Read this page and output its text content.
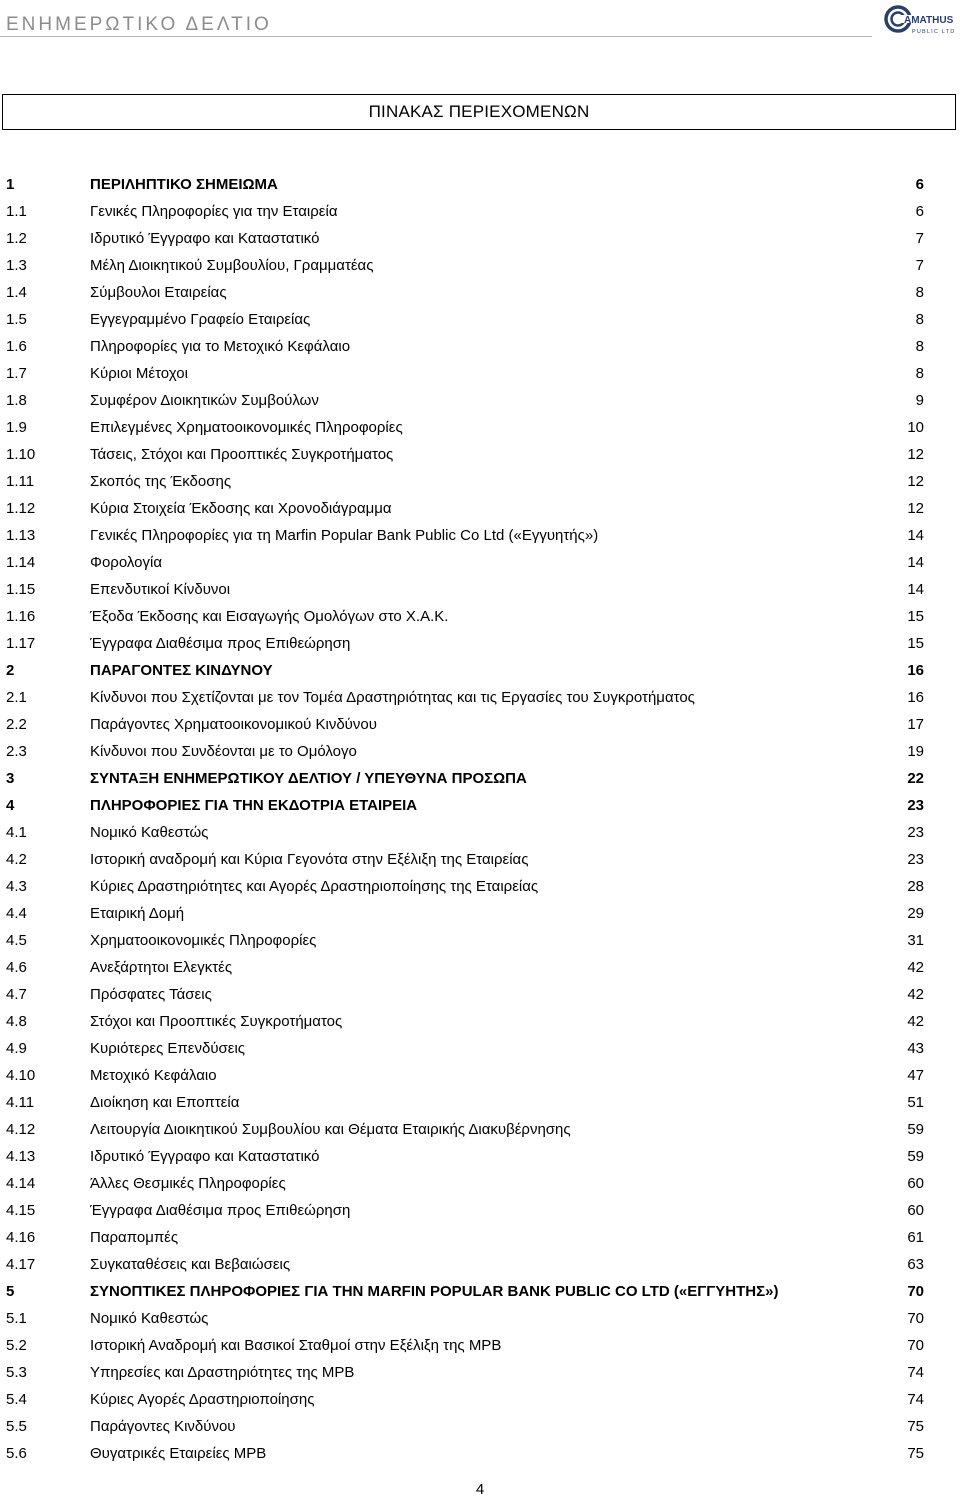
ΕΝΗΜΕΡΩΤΙΚΟ ΔΕΛΤΙΟ	AMATHUS
PUBLIC LTD
ΠΙΝΑΚΑΣ ΠΕΡΙΕΧΟΜΕΝΩΝ
1	ΠΕΡΙΛΗΠΤΙΚΟ ΣΗΜΕΙΩΜΑ	6
1.1	Γενικές Πληροφορίες για την Εταιρεία	6
1.2	Ιδρυτικό Έγγραφο και Καταστατικό	7
1.3	Μέλη Διοικητικού Συμβουλίου, Γραμματέας	7
1.4	Σύμβουλοι Εταιρείας	8
1.5	Εγγεγραμμένο Γραφείο Εταιρείας	8
1.6	Πληροφορίες για το Μετοχικό Κεφάλαιο	8
1.7	Κύριοι Μέτοχοι	8
1.8	Συμφέρον Διοικητικών Συμβούλων	9
1.9	Επιλεγμένες Χρηματοοικονομικές Πληροφορίες	10
1.10	Τάσεις, Στόχοι και Προοπτικές Συγκροτήματος	12
1.11	Σκοπός της Έκδοσης	12
1.12	Κύρια Στοιχεία Έκδοσης και Χρονοδιάγραμμα	12
1.13	Γενικές Πληροφορίες για τη Marfin Popular Bank Public Co Ltd («Εγγυητής»)	14
1.14	Φορολογία	14
1.15	Επενδυτικοί Κίνδυνοι	14
1.16	Έξοδα Έκδοσης και Εισαγωγής Ομολόγων στο Χ.Α.Κ.	15
1.17	Έγγραφα Διαθέσιμα προς Επιθεώρηση	15
2	ΠΑΡΑΓΟΝΤΕΣ ΚΙΝΔΥΝΟΥ	16
2.1	Κίνδυνοι που Σχετίζονται με τον Τομέα Δραστηριότητας και τις Εργασίες του Συγκροτήματος	16
2.2	Παράγοντες Χρηματοοικονομικού Κινδύνου	17
2.3	Κίνδυνοι που Συνδέονται με το Ομόλογο	19
3	ΣΥΝΤΑΞΗ ΕΝΗΜΕΡΩΤΙΚΟΥ ΔΕΛΤΙΟΥ / ΥΠΕΥΘΥΝΑ ΠΡΟΣΩΠΑ	22
4	ΠΛΗΡΟΦΟΡΙΕΣ ΓΙΑ ΤΗΝ ΕΚΔΟΤΡΙΑ ΕΤΑΙΡΕΙΑ	23
4.1	Νομικό Καθεστώς	23
4.2	Ιστορική αναδρομή και Κύρια Γεγονότα στην Εξέλιξη της Εταιρείας	23
4.3	Κύριες Δραστηριότητες και Αγορές Δραστηριοποίησης της Εταιρείας	28
4.4	Εταιρική Δομή	29
4.5	Χρηματοοικονομικές Πληροφορίες	31
4.6	Ανεξάρτητοι Ελεγκτές	42
4.7	Πρόσφατες Τάσεις	42
4.8	Στόχοι και Προοπτικές Συγκροτήματος	42
4.9	Κυριότερες Επενδύσεις	43
4.10	Μετοχικό Κεφάλαιο	47
4.11	Διοίκηση και Εποπτεία	51
4.12	Λειτουργία Διοικητικού Συμβουλίου και Θέματα Εταιρικής Διακυβέρνησης	59
4.13	Ιδρυτικό Έγγραφο και Καταστατικό	59
4.14	Άλλες Θεσμικές Πληροφορίες	60
4.15	Έγγραφα Διαθέσιμα προς Επιθεώρηση	60
4.16	Παραπομπές	61
4.17	Συγκαταθέσεις και Βεβαιώσεις	63
5	ΣΥΝΟΠΤΙΚΕΣ ΠΛΗΡΟΦΟΡΙΕΣ ΓΙΑ ΤΗΝ MARFIN POPULAR BANK PUBLIC CO LTD («ΕΓΓΥΗΤΗΣ»)	70
5.1	Νομικό Καθεστώς	70
5.2	Ιστορική Αναδρομή και Βασικοί Σταθμοί στην Εξέλιξη της MPB	70
5.3	Υπηρεσίες και Δραστηριότητες της MPB	74
5.4	Κύριες Αγορές Δραστηριοποίησης	74
5.5	Παράγοντες Κινδύνου	75
5.6	Θυγατρικές Εταιρείες MPB	75
4
